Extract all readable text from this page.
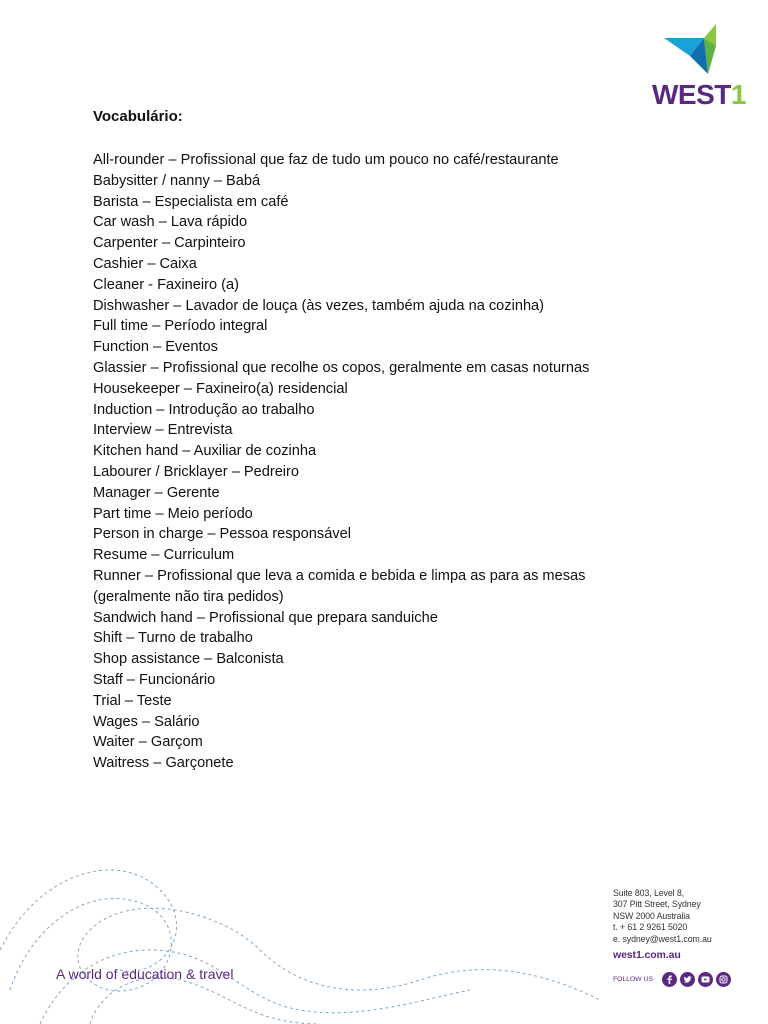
WEST1

Vocabulário:

All-rounder – Profissional que faz de tudo um pouco no café/restaurante
Babysitter / nanny – Babá
Barista – Especialista em café
Car wash – Lava rápido
Carpenter – Carpinteiro
Cashier – Caixa
Cleaner - Faxineiro (a)
Dishwasher – Lavador de louça (às vezes, também ajuda na cozinha)
Full time – Período integral
Function – Eventos
Glassier – Profissional que recolhe os copos, geralmente em casas noturnas
Housekeeper – Faxineiro(a) residencial
Induction – Introdução ao trabalho
Interview – Entrevista
Kitchen hand – Auxiliar de cozinha
Labourer / Bricklayer – Pedreiro
Manager – Gerente
Part time – Meio período
Person in charge – Pessoa responsável
Resume – Curriculum
Runner – Profissional que leva a comida e bebida e limpa as para as mesas
(geralmente não tira pedidos)
Sandwich hand – Profissional que prepara sanduiche
Shift – Turno de trabalho
Shop assistance – Balconista
Staff – Funcionário
Trial – Teste
Wages – Salário
Waiter – Garçom
Waitress – Garçonete
A world of education & travel
Suite 803, Level 8,
307 Pitt Street, Sydney
NSW 2000 Australia
t. + 61 2 9261 5020
e. sydney@west1.com.au
west1.com.au
FOLLOW US
